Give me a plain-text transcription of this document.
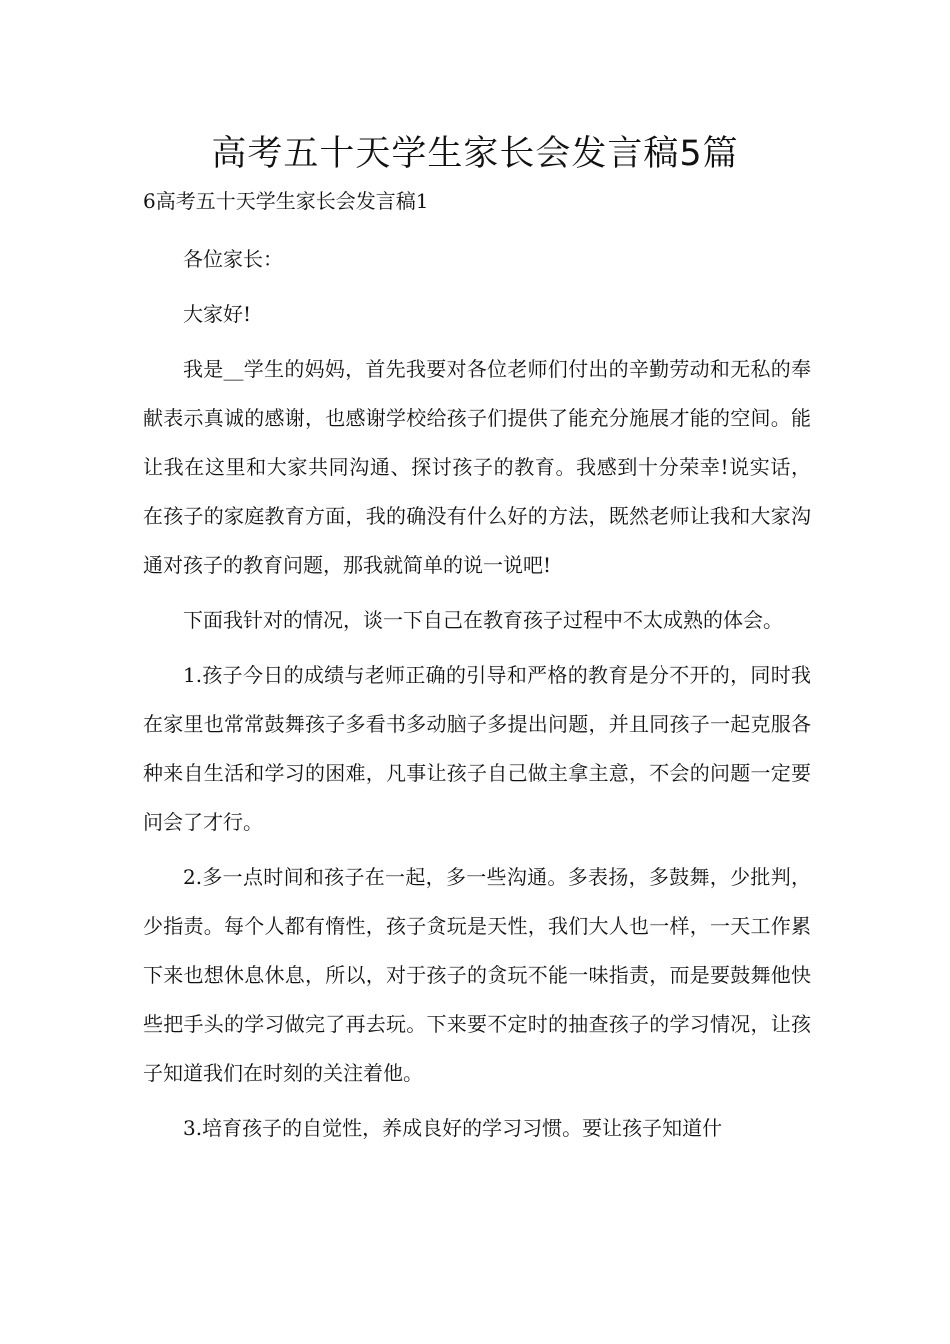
高考五十天学生家长会发言稿5篇
6高考五十天学生家长会发言稿1

各位家长：

大家好!

我是__学生的妈妈，首先我要对各位老师们付出的辛勤劳动和无私的奉献表示真诚的感谢，也感谢学校给孩子们提供了能充分施展才能的空间。能让我在这里和大家共同沟通、探讨孩子的教育。我感到十分荣幸!说实话，在孩子的家庭教育方面，我的确没有什么好的方法，既然老师让我和大家沟通对孩子的教育问题，那我就简单的说一说吧!

下面我针对的情况，谈一下自己在教育孩子过程中不太成熟的体会。

1.孩子今日的成绩与老师正确的引导和严格的教育是分不开的，同时我在家里也常常鼓舞孩子多看书多动脑子多提出问题，并且同孩子一起克服各种来自生活和学习的困难，凡事让孩子自己做主拿主意，不会的问题一定要问会了才行。

2.多一点时间和孩子在一起，多一些沟通。多表扬，多鼓舞，少批判，少指责。每个人都有惰性，孩子贪玩是天性，我们大人也一样，一天工作累下来也想休息休息，所以，对于孩子的贪玩不能一味指责，而是要鼓舞他快些把手头的学习做完了再去玩。下来要不定时的抽查孩子的学习情况，让孩子知道我们在时刻的关注着他。

3.培育孩子的自觉性，养成良好的学习习惯。要让孩子知道什
